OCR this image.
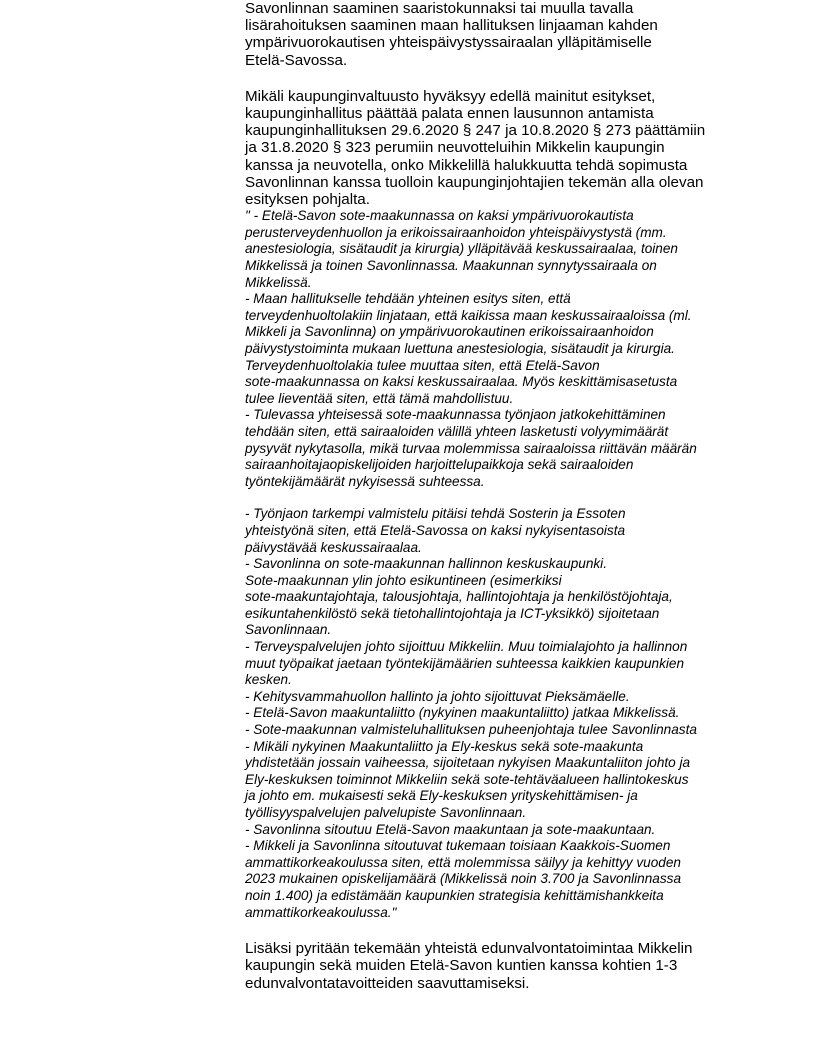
Savonlinnan saaminen saaristokunnaksi tai muulla tavalla
lisärahoituksen saaminen maan hallituksen linjaaman kahden
ympärivuorokautisen yhteispäivystyssairaalan ylläpitämiselle
Etelä-Savossa.
Mikäli kaupunginvaltuusto hyväksyy edellä mainitut esitykset,
kaupunginhallitus päättää palata ennen lausunnon antamista
kaupunginhallituksen 29.6.2020 § 247 ja 10.8.2020 § 273 päättämiin
ja 31.8.2020 § 323 perumiin neuvotteluihin Mikkelin kaupungin
kanssa ja neuvotella, onko Mikkelillä halukkuutta tehdä sopimusta
Savonlinnan kanssa tuolloin kaupunginjohtajien tekemän alla olevan
esityksen pohjalta.
" - Etelä-Savon sote-maakunnassa on kaksi ympärivuorokautista
perusterveydenhuollon ja erikoissairaanhoidon yhteispäivystystä (mm.
anestesiologia, sisätaudit ja kirurgia) ylläpitävää keskussairaalaa, toinen
Mikkelissä ja toinen Savonlinnassa. Maakunnan synnytyssairaala on
Mikkelissä.
- Maan hallitukselle tehdään yhteinen esitys siten, että
terveydenhuoltolakiin linjataan, että kaikissa maan keskussairaaloissa (ml.
Mikkeli ja Savonlinna) on ympärivuorokautinen erikoissairaanhoidon
päivystystoiminta mukaan luettuna anestesiologia, sisätaudit ja kirurgia.
Terveydenhuoltolakia tulee muuttaa siten, että Etelä-Savon
sote-maakunnassa on kaksi keskussairaalaa. Myös keskittämisasetusta
tulee lieventää siten, että tämä mahdollistuu.
- Tulevassa yhteisessä sote-maakunnassa työnjaon jatkokehittäminen
tehdään siten, että sairaaloiden välillä yhteen lasketusti volyymimäärät
pysyvät nykytasolla, mikä turvaa molemmissa sairaaloissa riittävän määrän
sairaanhoitajaopiskelijoiden harjoittelupaikkoja sekä sairaaloiden
työntekijämäärät nykyisessä suhteessa.
- Työnjaon tarkempi valmistelu pitäisi tehdä Sosterin ja Essoten
yhteistyönä siten, että Etelä-Savossa on kaksi nykyisentasoista
päivystävää keskussairaalaa.
- Savonlinna on sote-maakunnan hallinnon keskuskaupunki.
Sote-maakunnan ylin johto esikuntineen (esimerkiksi
sote-maakuntajohtaja, talousjohtaja, hallintojohtaja ja henkilöstöjohtaja,
esikuntahenkilöstö sekä tietohallintojohtaja ja ICT-yksikkö) sijoitetaan
Savonlinnaan.
- Terveyspalvelujen johto sijoittuu Mikkeliin. Muu toimialajohto ja hallinnon
muut työpaikat jaetaan työntekijämäärien suhteessa kaikkien kaupunkien
kesken.
- Kehitysvammahuollon hallinto ja johto sijoittuvat Pieksämäelle.
- Etelä-Savon maakuntaliitto (nykyinen maakuntaliitto) jatkaa Mikkelissä.
- Sote-maakunnan valmisteluhallituksen puheenjohtaja tulee Savonlinnasta
- Mikäli nykyinen Maakuntaliitto ja Ely-keskus sekä sote-maakunta
yhdistetään jossain vaiheessa, sijoitetaan nykyisen Maakuntaliiton johto ja
Ely-keskuksen toiminnot Mikkeliin sekä sote-tehtäväalueen hallintokeskus
ja johto em. mukaisesti sekä Ely-keskuksen yrityskehittämisen- ja
työllisyyspalvelujen palvelupiste Savonlinnaan.
- Savonlinna sitoutuu Etelä-Savon maakuntaan ja sote-maakuntaan.
- Mikkeli ja Savonlinna sitoutuvat tukemaan toisiaan Kaakkois-Suomen
ammattikorkeakoulussa siten, että molemmissa säilyy ja kehittyy vuoden
2023 mukainen opiskelijamäärä (Mikkelissä noin 3.700 ja Savonlinnassa
noin 1.400) ja edistämään kaupunkien strategisia kehittämishankkeita
ammattikorkeakoulussa."
Lisäksi pyritään tekemään yhteistä edunvalvontatoimintaa Mikkelin
kaupungin sekä muiden Etelä-Savon kuntien kanssa kohtien 1-3
edunvalvontatavoitteiden saavuttamiseksi.
